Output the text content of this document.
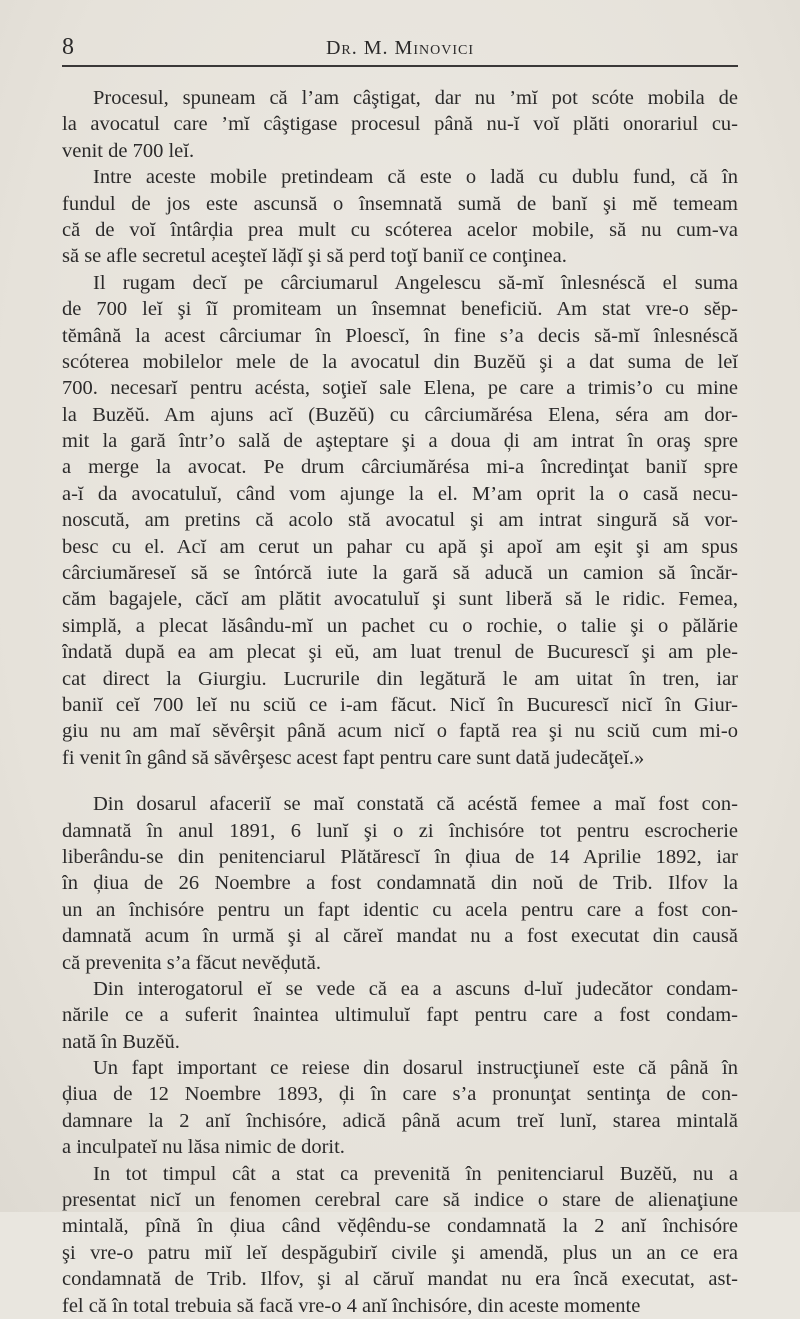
8	Dr. M. Minovici
Procesul, spuneam că l’am câştigat, dar nu ’mĭ pot scóte mobila de
la avocatul care ’mĭ câştigase procesul până nu-ĭ voĭ plăti onorariul cu-
venit de 700 leĭ.
Intre aceste mobile pretindeam că este o ladă cu dublu fund, că în
fundul de jos este ascunsă o însemnată sumă de banĭ şi mĕ temeam
că de voĭ întârḑia prea mult cu scóterea acelor mobile, să nu cum-va
să se afle secretul aceşteĭ lăḑĭ şi să perd toţĭ baniĭ ce conţinea.
Il rugam decĭ pe cârciumarul Angelescu să-mĭ înlesnéscă el suma
de 700 leĭ şi îĭ promiteam un însemnat beneficiŭ. Am stat vre-o sĕp-
tĕmână la acest cârciumar în Ploescĭ, în fine s’a decis să-mĭ înlesnéscă
scóterea mobilelor mele de la avocatul din Buzĕŭ şi a dat suma de leĭ
700. necesarĭ pentru acésta, soţieĭ sale Elena, pe care a trimis’o cu mine
la Buzĕŭ. Am ajuns acĭ (Buzĕŭ) cu cârciumărésa Elena, séra am dor-
mit la gară într’o salǎ de aşteptare şi a doua ḑi am intrat în oraş spre
a merge la avocat. Pe drum cârciumărésa mi-a încredinţat baniĭ spre
a-ĭ da avocatuluĭ, când vom ajunge la el. M’am oprit la o casă necu-
noscută, am pretins că acolo stă avocatul şi am intrat singură să vor-
besc cu el. Acĭ am cerut un pahar cu apă şi apoĭ am eşit şi am spus
cârciumăreseĭ să se întórcă iute la gară să aducă un camion să încăr-
căm bagajele, căcĭ am plătit avocatuluĭ şi sunt liberă să le ridic. Femea,
simplă, a plecat lăsându-mĭ un pachet cu o rochie, o talie şi o pălărie
îndată după ea am plecat şi eŭ, am luat trenul de Bucurescĭ şi am ple-
cat direct la Giurgiu. Lucrurile din legătură le am uitat în tren, iar
baniĭ ceĭ 700 leĭ nu sciŭ ce i-am făcut. Nicĭ în Bucurescĭ nicĭ în Giur-
giu nu am maĭ sĕvêrşit până acum nicĭ o faptă rea şi nu sciŭ cum mi-o
fi venit în gând să săvêrşesc acest fapt pentru care sunt dată judecăţeĭ.»
Din dosarul afaceriĭ se maĭ constată că acéstă femee a maĭ fost con-
damnată în anul 1891, 6 lunĭ şi o zi închisóre tot pentru escrocherie
liberându-se din penitenciarul Plătărescĭ în ḑiua de 14 Aprilie 1892, iar
în ḑiua de 26 Noembre a fost condamnată din noŭ de Trib. Ilfov la
un an închisóre pentru un fapt identic cu acela pentru care a fost con-
damnată acum în urmă şi al căreĭ mandat nu a fost executat din causă
că prevenita s’a făcut nevĕḑută.
Din interogatorul eĭ se vede că ea a ascuns d-luĭ judecător condam-
nările ce a suferit înaintea ultimuluĭ fapt pentru care a fost condam-
nată în Buzĕŭ.
Un fapt important ce reiese din dosarul instrucţiuneĭ este că până în
ḑiua de 12 Noembre 1893, ḑi în care s’a pronunţat sentinţa de con-
damnare la 2 anĭ închisóre, adică până acum treĭ lunĭ, starea mintală
a inculpateĭ nu lăsa nimic de dorit.
In tot timpul cât a stat ca prevenită în penitenciarul Buzĕŭ, nu a
presentat nicĭ un fenomen cerebral care să indice o stare de alienaţiune
mintală, pînă în ḑiua când vĕḑêndu-se condamnată la 2 anĭ închisóre
şi vre-o patru miĭ leĭ despăgubirĭ civile şi amendă, plus un an ce era
condamnată de Trib. Ilfov, şi al căruĭ mandat nu era încă executat, ast-
fel că în total trebuia să facă vre-o 4 anĭ închisóre, din aceste momente
